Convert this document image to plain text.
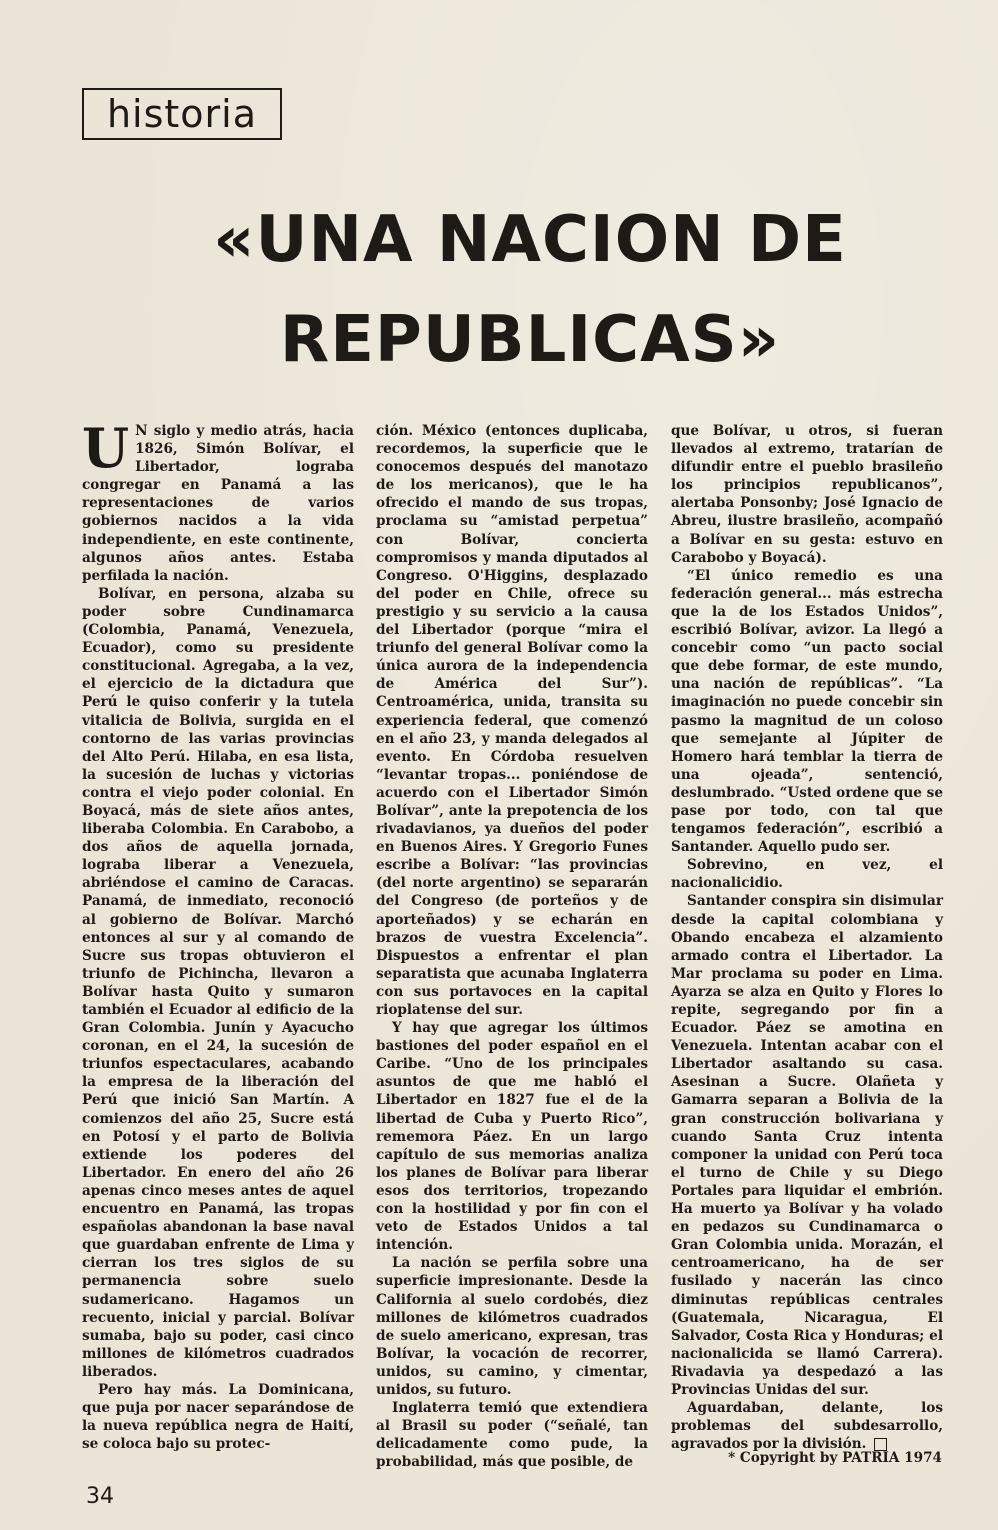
historia
«UNA NACION DE
REPUBLICAS»

U N siglo y medio atrás, hacia 1826, Simón Bolívar, el Libertador, lograba congregar en Panamá a las representaciones de varios gobiernos nacidos a la vida independiente, en este continente, algunos años antes. Estaba perfilada la nación.

Bolívar, en persona, alzaba su poder sobre Cundinamarca (Colombia, Panamá, Venezuela, Ecuador), como su presidente constitucional. Agregaba, a la vez, el ejercicio de la dictadura que Perú le quiso conferir y la tutela vitalicia de Bolivia, surgida en el contorno de las varias provincias del Alto Perú. Hilaba, en esa lista, la sucesión de luchas y victorias contra el viejo poder colonial. En Boyacá, más de siete años antes, liberaba Colombia. En Carabobo, a dos años de aquella jornada, lograba liberar a Venezuela, abriéndose el camino de Caracas. Panamá, de inmediato, reconoció al gobierno de Bolívar. Marchó entonces al sur y al comando de Sucre sus tropas obtuvieron el triunfo de Pichincha, llevaron a Bolívar hasta Quito y sumaron también el Ecuador al edificio de la Gran Colombia. Junín y Ayacucho coronan, en el 24, la sucesión de triunfos espectaculares, acabando la empresa de la liberación del Perú que inició San Martín. A comienzos del año 25, Sucre está en Potosí y el parto de Bolivia extiende los poderes del Libertador. En enero del año 26 apenas cinco meses antes de aquel encuentro en Panamá, las tropas españolas abandonan la base naval que guardaban enfrente de Lima y cierran los tres siglos de su permanencia sobre suelo sudamericano. Hagamos un recuento, inicial y parcial. Bolívar sumaba, bajo su poder, casi cinco millones de kilómetros cuadrados liberados.

Pero hay más. La Dominicana, que puja por nacer separándose de la nueva república negra de Haití, se coloca bajo su protec-

ción. México (entonces duplicaba, recordemos, la superficie que le conocemos después del manotazo de los mericanos), que le ha ofrecido el mando de sus tropas, proclama su “amistad perpetua” con Bolívar, concierta compromisos y manda diputados al Congreso. O'Higgins, desplazado del poder en Chile, ofrece su prestigio y su servicio a la causa del Libertador (porque “mira el triunfo del general Bolívar como la única aurora de la independencia de América del Sur”). Centroamérica, unida, transita su experiencia federal, que comenzó en el año 23, y manda delegados al evento. En Córdoba resuelven “levantar tropas... poniéndose de acuerdo con el Libertador Simón Bolívar”, ante la prepotencia de los rivadavianos, ya dueños del poder en Buenos Aires. Y Gregorio Funes escribe a Bolívar: “las provincias (del norte argentino) se separarán del Congreso (de porteños y de aporteñados) y se echarán en brazos de vuestra Excelencia”. Dispuestos a enfrentar el plan separatista que acunaba Inglaterra con sus portavoces en la capital rioplatense del sur.

Y hay que agregar los últimos bastiones del poder español en el Caribe. “Uno de los principales asuntos de que me habló el Libertador en 1827 fue el de la libertad de Cuba y Puerto Rico”, rememora Páez. En un largo capítulo de sus memorias analiza los planes de Bolívar para liberar esos dos territorios, tropezando con la hostilidad y por fin con el veto de Estados Unidos a tal intención.

La nación se perfila sobre una superficie impresionante. Desde la California al suelo cordobés, diez millones de kilómetros cuadrados de suelo americano, expresan, tras Bolívar, la vocación de recorrer, unidos, su camino, y cimentar, unidos, su futuro.

Inglaterra temió que extendiera al Brasil su poder (“señalé, tan delicadamente como pude, la probabilidad, más que posible, de

que Bolívar, u otros, si fueran llevados al extremo, tratarían de difundir entre el pueblo brasileño los principios republicanos”, alertaba Ponsonby; José Ignacio de Abreu, ilustre brasileño, acompañó a Bolívar en su gesta: estuvo en Carabobo y Boyacá).

“El único remedio es una federación general... más estrecha que la de los Estados Unidos”, escribió Bolívar, avizor. La llegó a concebir como “un pacto social que debe formar, de este mundo, una nación de repúblicas”. “La imaginación no puede concebir sin pasmo la magnitud de un coloso que semejante al Júpiter de Homero hará temblar la tierra de una ojeada”, sentenció, deslumbrado. “Usted ordene que se pase por todo, con tal que tengamos federación”, escribió a Santander. Aquello pudo ser.

Sobrevino, en vez, el nacionalicidio.

Santander conspira sin disimular desde la capital colombiana y Obando encabeza el alzamiento armado contra el Libertador. La Mar proclama su poder en Lima. Ayarza se alza en Quito y Flores lo repite, segregando por fin a Ecuador. Páez se amotina en Venezuela. Intentan acabar con el Libertador asaltando su casa. Asesinan a Sucre. Olañeta y Gamarra separan a Bolivia de la gran construcción bolivariana y cuando Santa Cruz intenta componer la unidad con Perú toca el turno de Chile y su Diego Portales para liquidar el embrión. Ha muerto ya Bolívar y ha volado en pedazos su Cundinamarca o Gran Colombia unida. Morazán, el centroamericano, ha de ser fusilado y nacerán las cinco diminutas repúblicas centrales (Guatemala, Nicaragua, El Salvador, Costa Rica y Honduras; el nacionalicida se llamó Carrera). Rivadavia ya despedazó a las Provincias Unidas del sur.

Aguardaban, delante, los problemas del subdesarrollo, agravados por la división.

* Copyright by PATRIA 1974
34
